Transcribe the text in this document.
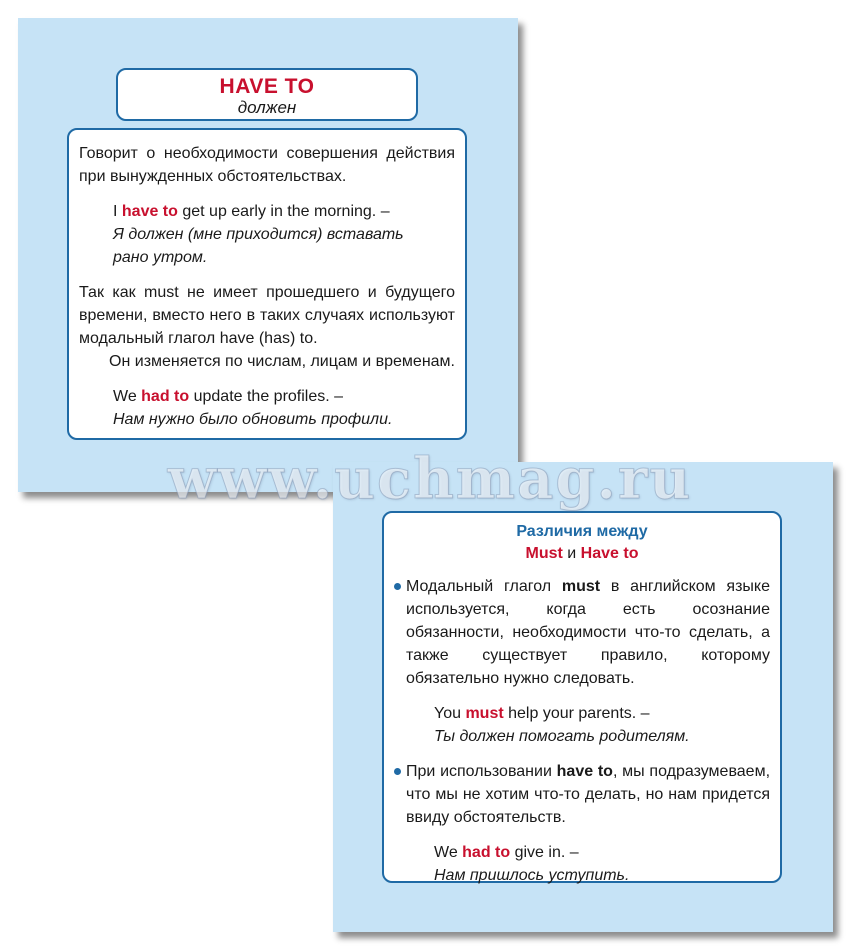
HAVE TO
должен

Говорит о необходимости совершения действия при вынужденных обстоятельствах.

I have to get up early in the morning. –

Я должен (мне приходится) вставать

рано утром.

Так как must не имеет прошедшего и будущего времени, вместо него в таких случаях используют модальный глагол have (has) to.

Он изменяется по числам, лицам и временам.

We had to update the profiles. –

Нам нужно было обновить профили.

Различия между
Must и Have to

Модальный глагол must в английском языке используется, когда есть осознание обязанности, необходимости что-то сделать, а также существует правило, которому обязательно нужно следовать.

You must help your parents. –

Ты должен помогать родителям.

При использовании have to, мы подразумеваем, что мы не хотим что-то делать, но нам придется ввиду обстоятельств.

We had to give in. –

Нам пришлось уступить.

www.uchmag.ru
